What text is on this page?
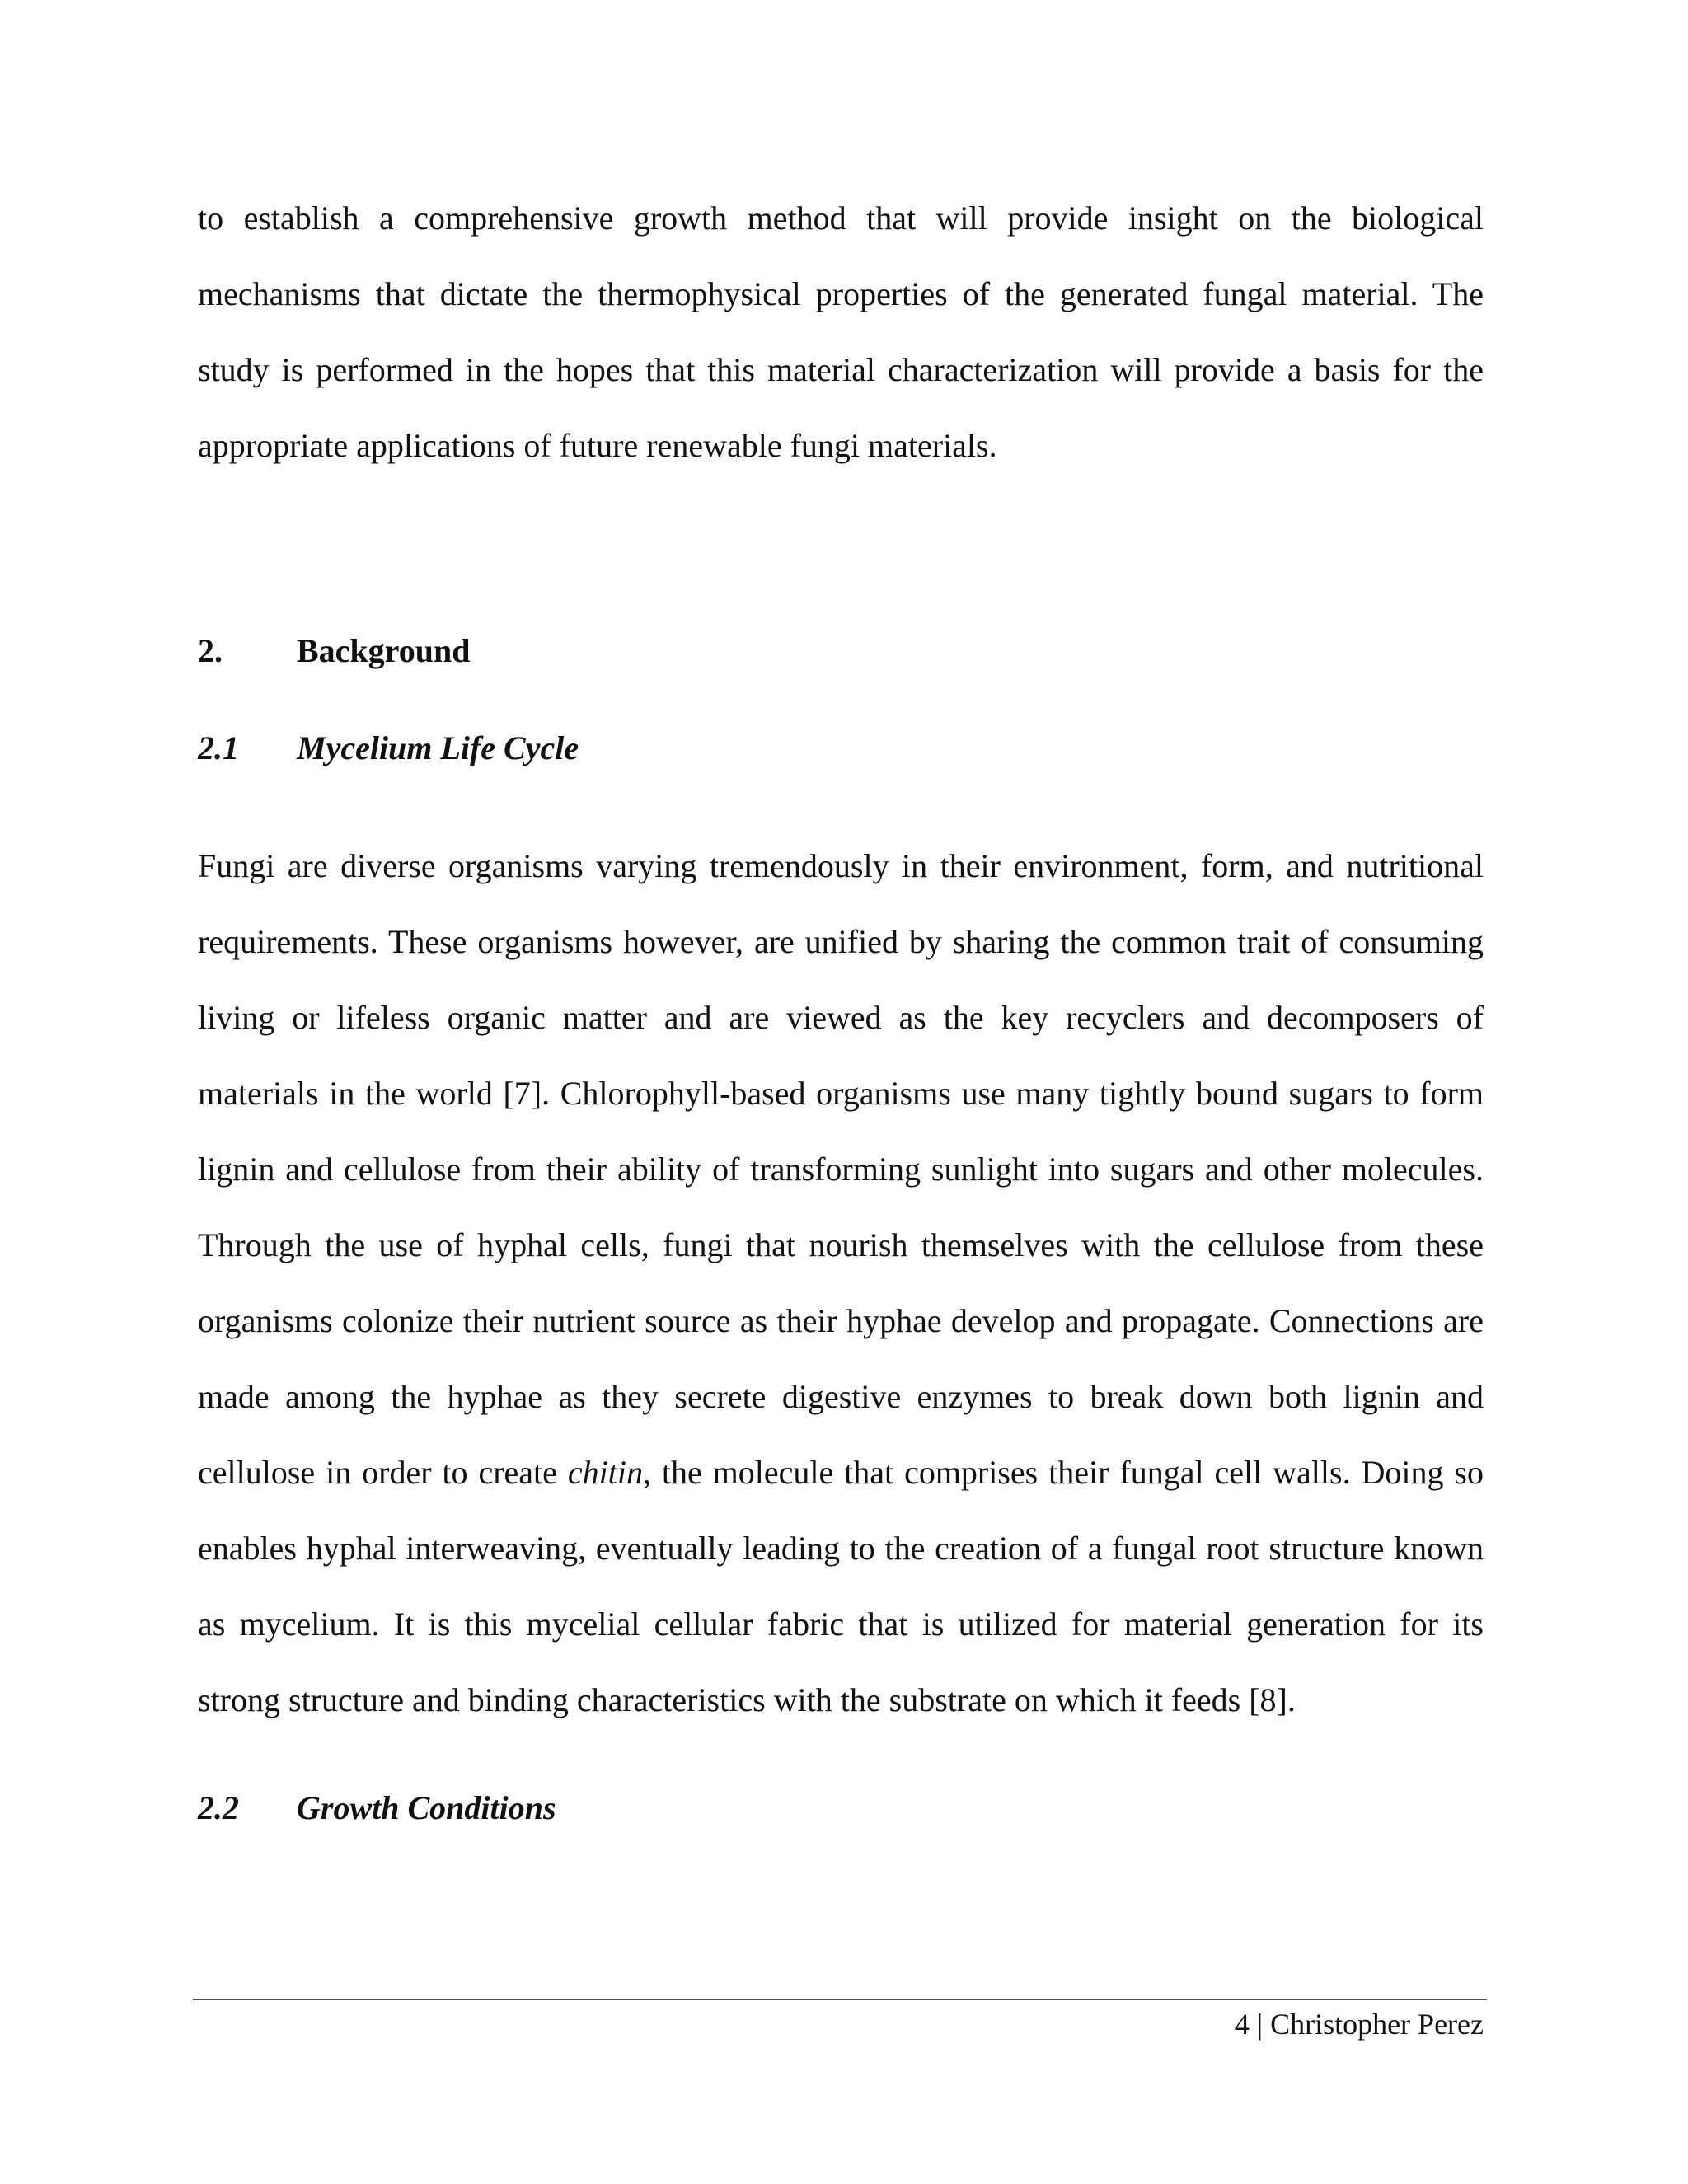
to establish a comprehensive growth method that will provide insight on the biological mechanisms that dictate the thermophysical properties of the generated fungal material. The study is performed in the hopes that this material characterization will provide a basis for the appropriate applications of future renewable fungi materials.

2. Background
2.1 Mycelium Life Cycle

Fungi are diverse organisms varying tremendously in their environment, form, and nutritional requirements. These organisms however, are unified by sharing the common trait of consuming living or lifeless organic matter and are viewed as the key recyclers and decomposers of materials in the world [7]. Chlorophyll-based organisms use many tightly bound sugars to form lignin and cellulose from their ability of transforming sunlight into sugars and other molecules. Through the use of hyphal cells, fungi that nourish themselves with the cellulose from these organisms colonize their nutrient source as their hyphae develop and propagate. Connections are made among the hyphae as they secrete digestive enzymes to break down both lignin and cellulose in order to create chitin, the molecule that comprises their fungal cell walls. Doing so enables hyphal interweaving, eventually leading to the creation of a fungal root structure known as mycelium. It is this mycelial cellular fabric that is utilized for material generation for its strong structure and binding characteristics with the substrate on which it feeds [8].

2.2 Growth Conditions
4 | Christopher Perez
